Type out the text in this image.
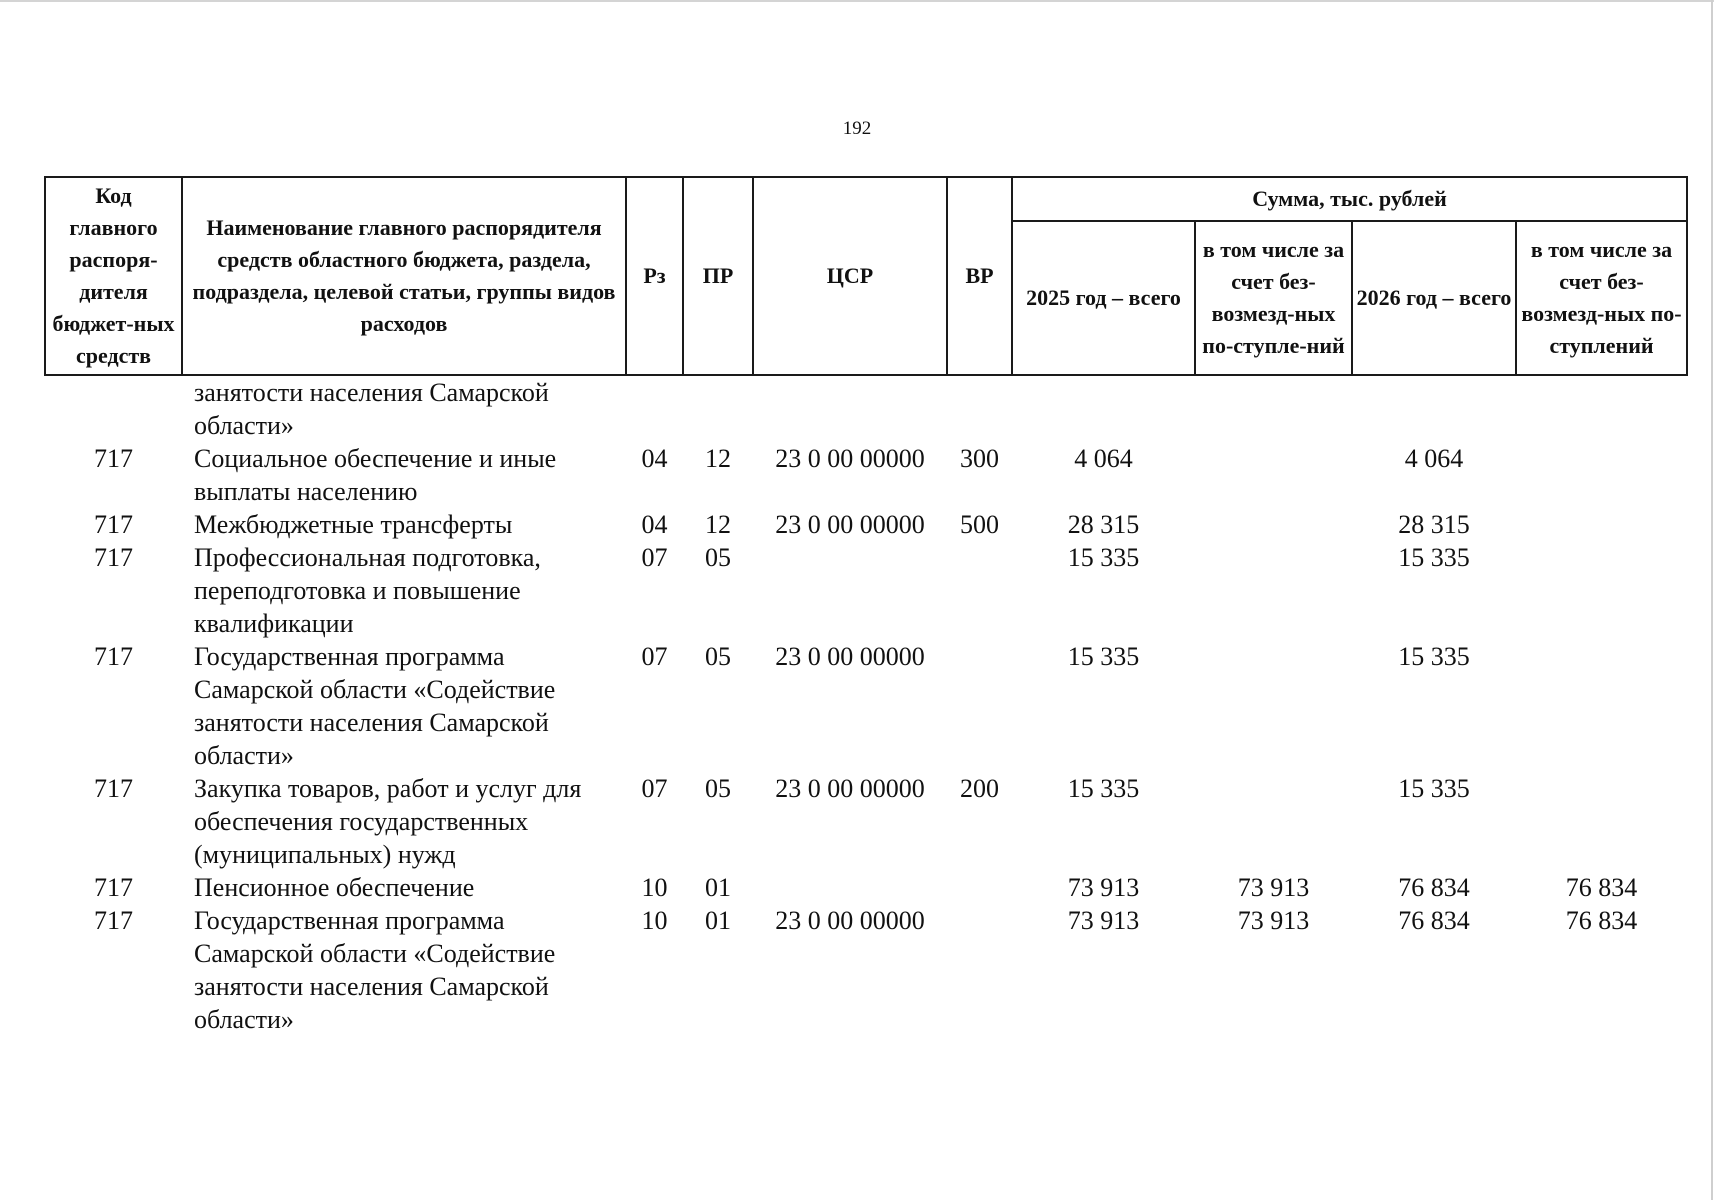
192
Код главного распоря-дителя бюджет-ных средств	Наименование главного распорядителя средств областного бюджета, раздела, подраздела, целевой статьи, группы видов расходов	Рз	ПР	ЦСР	ВР	Сумма, тыс. рублей			
						2025 год – всего	в том числе за счет без-возмезд-ных по-ступле-ний	2026 год – всего	в том числе за счет без-возмезд-ных по-ступлений
	занятости населения Самарской области»								
717	Социальное обеспечение и иные выплаты населению	04	12	23 0 00 00000	300	4 064		4 064	
717	Межбюджетные трансферты	04	12	23 0 00 00000	500	28 315		28 315	
717	Профессиональная подготовка, переподготовка и повышение квалификации	07	05			15 335		15 335	
717	Государственная программа Самарской области «Содействие занятости населения Самарской области»	07	05	23 0 00 00000		15 335		15 335	
717	Закупка товаров, работ и услуг для обеспечения государственных (муниципальных) нужд	07	05	23 0 00 00000	200	15 335		15 335	
717	Пенсионное обеспечение	10	01			73 913	73 913	76 834	76 834
717	Государственная программа Самарской области «Содействие занятости населения Самарской области»	10	01	23 0 00 00000		73 913	73 913	76 834	76 834
